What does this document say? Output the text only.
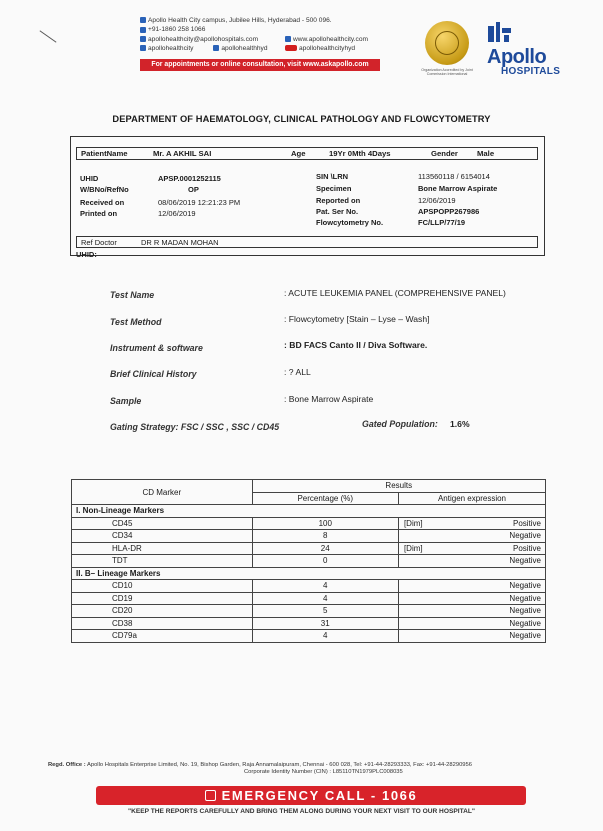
Apollo Health City campus, Jubilee Hills, Hyderabad - 500 096.
+91-1860 258 1066
apollohealthcity@apollohospitals.com	www.apollohealthcity.com
apollohealthcity	apollohealthhyd	apollohealthcityhyd
For appointments or online consultation, visit www.askapollo.com
Organization Accredited by Joint Commission International
Apollo
HOSPITALS
DEPARTMENT OF HAEMATOLOGY, CLINICAL PATHOLOGY AND FLOWCYTOMETRY
PatientName	Mr. A AKHIL SAI	Age	19Yr 0Mth 4Days	Gender Male
UHID	APSP.0001252115
W/BNo/RefNo	OP
Received on	08/06/2019 12:21:23 PM
Printed on	12/06/2019
SIN \LRN	113560118 / 6154014
Specimen	Bone Marrow Aspirate
Reported on	12/06/2019
Pat. Ser No.	APSPOPP267986
Flowcytometry No.	FC/LLP/77/19
Ref Doctor	DR R MADAN MOHAN
UHID:
Test Name	: ACUTE LEUKEMIA PANEL (COMPREHENSIVE PANEL)
Test Method	: Flowcytometry [Stain – Lyse – Wash]
Instrument & software	: BD FACS Canto II / Diva Software.
Brief Clinical History	: ? ALL
Sample	: Bone Marrow Aspirate
Gating Strategy: FSC / SSC , SSC / CD45	Gated Population: 1.6%
CD Marker	Results	
	Percentage (%)	Antigen expression
I. Non-Lineage Markers		
CD45	100	[Dim] Positive
CD34	8	Negative
HLA-DR	24	[Dim] Positive
TDT	0	Negative
II. B– Lineage Markers		
CD10	4	Negative
CD19	4	Negative
CD20	5	Negative
CD38	31	Negative
CD79a	4	Negative
Regd. Office : Apollo Hospitals Enterprise Limited, No. 19, Bishop Garden, Raja Annamalaipuram, Chennai - 600 028, Tel: +91-44-28293333, Fax: +91-44-28290956
Corporate Identity Number (CIN) : L85110TN1979PLC008035
EMERGENCY CALL - 1066
"KEEP THE REPORTS CAREFULLY AND BRING THEM ALONG DURING YOUR NEXT VISIT TO OUR HOSPITAL"
